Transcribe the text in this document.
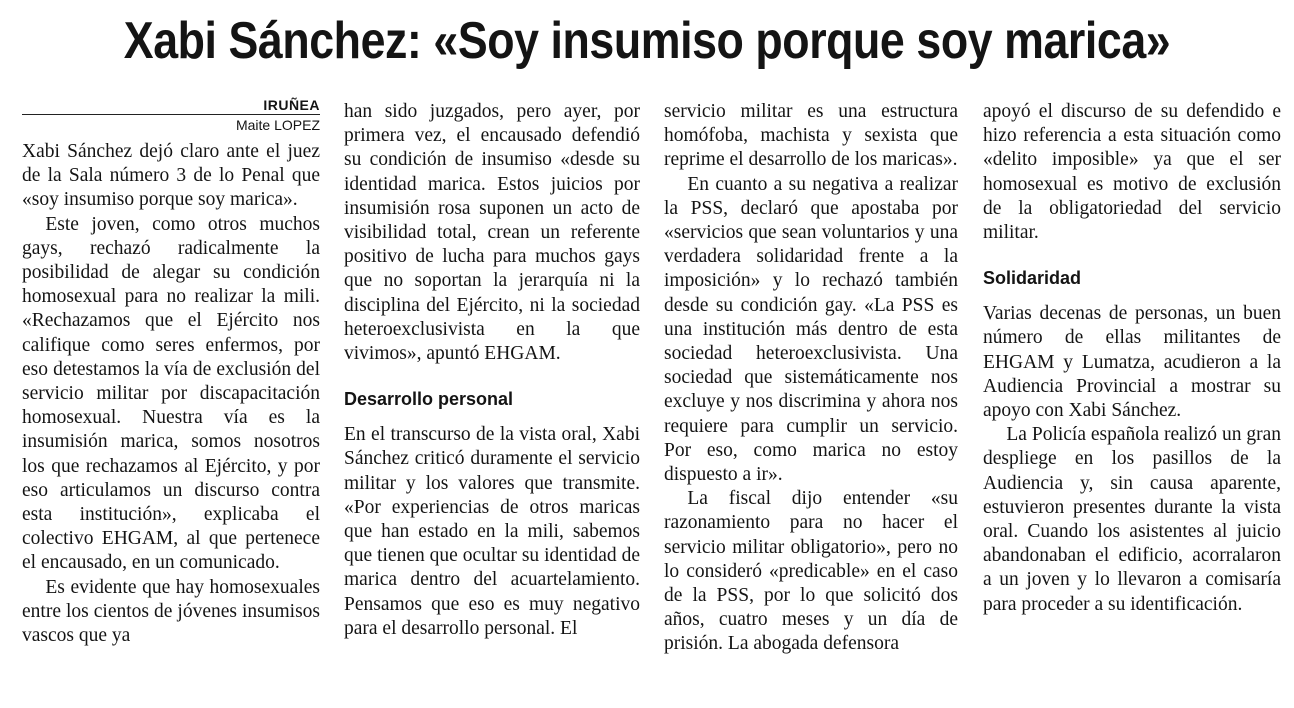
Xabi Sánchez: «Soy insumiso porque soy marica»
IRUÑEA
Maite LOPEZ

Xabi Sánchez dejó claro ante el juez de la Sala número 3 de lo Penal que «soy insumiso porque soy marica».

Este joven, como otros muchos gays, rechazó radicalmente la posibilidad de alegar su condición homosexual para no realizar la mili. «Rechazamos que el Ejército nos califique como seres enfermos, por eso detestamos la vía de exclusión del servicio militar por discapacitación homosexual. Nuestra vía es la insumisión marica, somos nosotros los que rechazamos al Ejército, y por eso articulamos un discurso contra esta institución», explicaba el colectivo EHGAM, al que pertenece el encausado, en un comunicado.

Es evidente que hay homosexuales entre los cientos de jóvenes insumisos vascos que ya

han sido juzgados, pero ayer, por primera vez, el encausado defendió su condición de insumiso «desde su identidad marica. Estos juicios por insumisión rosa suponen un acto de visibilidad total, crean un referente positivo de lucha para muchos gays que no soportan la jerarquía ni la disciplina del Ejército, ni la sociedad heteroexclusivista en la que vivimos», apuntó EHGAM.

Desarrollo personal

En el transcurso de la vista oral, Xabi Sánchez criticó duramente el servicio militar y los valores que transmite. «Por experiencias de otros maricas que han estado en la mili, sabemos que tienen que ocultar su identidad de marica dentro del acuartelamiento. Pensamos que eso es muy negativo para el desarrollo personal. El

servicio militar es una estructura homófoba, machista y sexista que reprime el desarrollo de los maricas».

En cuanto a su negativa a realizar la PSS, declaró que apostaba por «servicios que sean voluntarios y una verdadera solidaridad frente a la imposición» y lo rechazó también desde su condición gay. «La PSS es una institución más dentro de esta sociedad heteroexclusivista. Una sociedad que sistemáticamente nos excluye y nos discrimina y ahora nos requiere para cumplir un servicio. Por eso, como marica no estoy dispuesto a ir».

La fiscal dijo entender «su razonamiento para no hacer el servicio militar obligatorio», pero no lo consideró «predicable» en el caso de la PSS, por lo que solicitó dos años, cuatro meses y un día de prisión. La abogada defensora

apoyó el discurso de su defendido e hizo referencia a esta situación como «delito imposible» ya que el ser homosexual es motivo de exclusión de la obligatoriedad del servicio militar.

Solidaridad

Varias decenas de personas, un buen número de ellas militantes de EHGAM y Lumatza, acudieron a la Audiencia Provincial a mostrar su apoyo con Xabi Sánchez.

La Policía española realizó un gran despliege en los pasillos de la Audiencia y, sin causa aparente, estuvieron presentes durante la vista oral. Cuando los asistentes al juicio abandonaban el edificio, acorralaron a un joven y lo llevaron a comisaría para proceder a su identificación.
